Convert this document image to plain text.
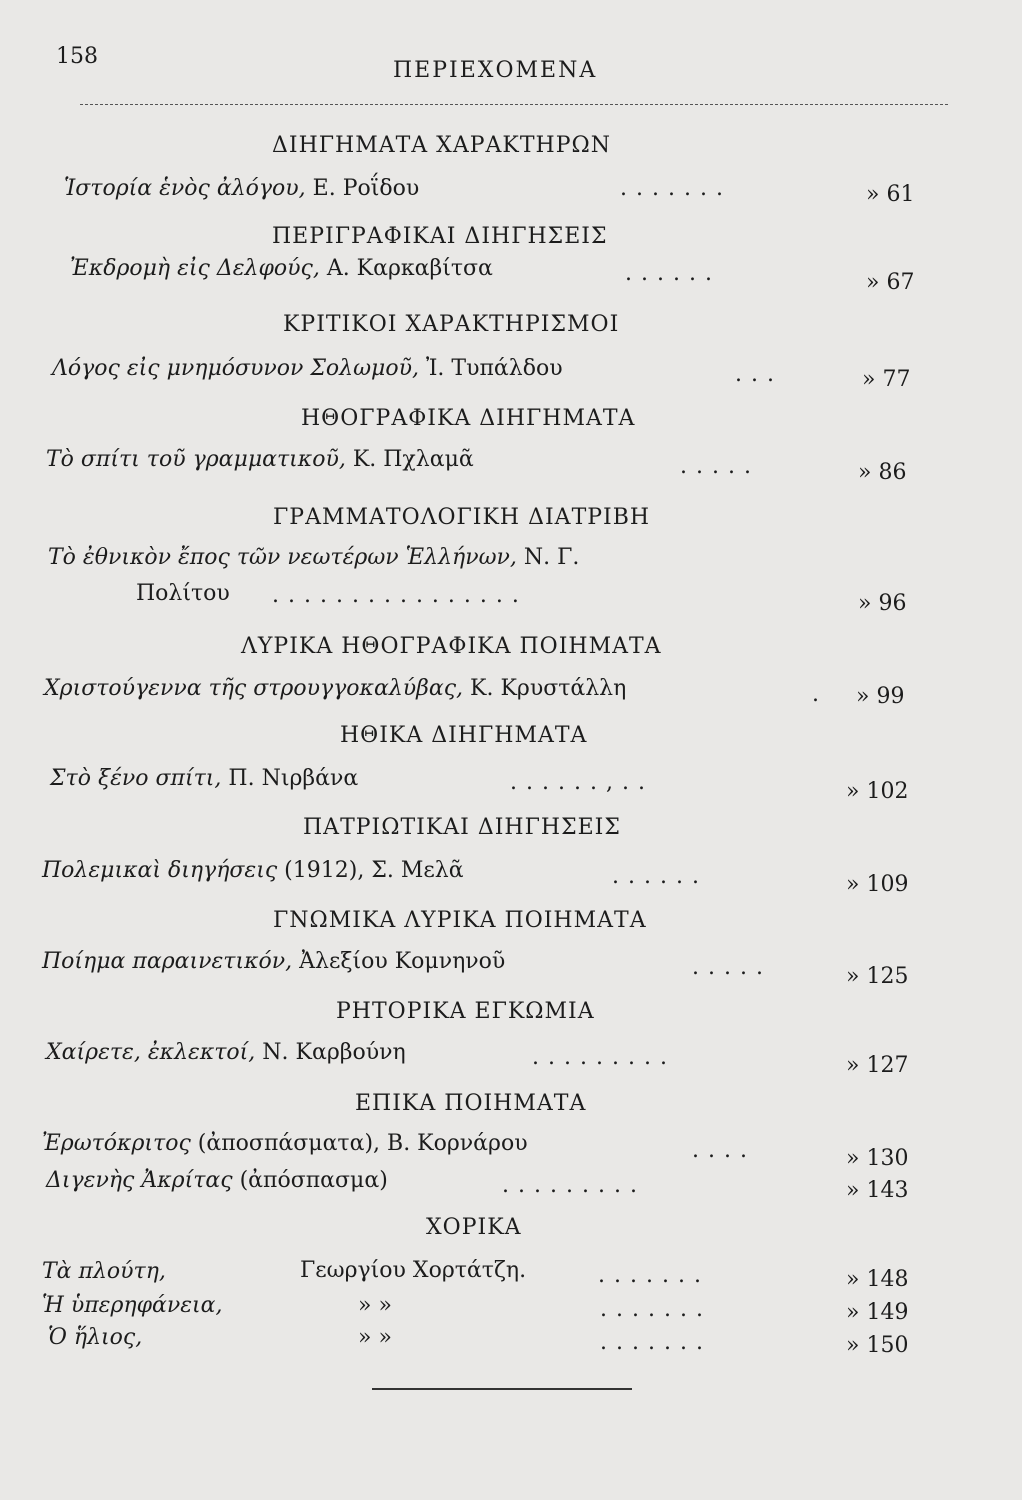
158
ΠΕΡΙΕΧΟΜΕΝΑ
ΔΙΗΓΗΜΑΤΑ ΧΑΡΑΚΤΗΡΩΝ
Ἱστορία ἑνὸς ἀλόγου, Ε. Ροΐδου	.......	» 61
ΠΕΡΙΓΡΑΦΙΚΑΙ ΔΙΗΓΗΣΕΙΣ
Ἐκδρομὴ εἰς Δελφούς, Α. Καρκαβίτσα	......	» 67
ΚΡΙΤΙΚΟΙ ΧΑΡΑΚΤΗΡΙΣΜΟΙ
Λόγος εἰς μνημόσυνον Σολωμοῦ, Ἰ. Τυπάλδου	...	» 77
ΗΘΟΓΡΑΦΙΚΑ ΔΙΗΓΗΜΑΤΑ
Τὸ σπίτι τοῦ γραμματικοῦ, Κ. Πχλαμᾶ	.....	» 86
ΓΡΑΜΜΑΤΟΛΟΓΙΚΗ ΔΙΑΤΡΙΒΗ
Τὸ ἐθνικὸν ἔπος τῶν νεωτέρων Ἑλλήνων, Ν. Γ.
Πολίτου ................	» 96
ΛΥΡΙΚΑ ΗΘΟΓΡΑΦΙΚΑ ΠΟΙΗΜΑΤΑ
Χριστούγεννα τῆς στρουγγοκαλύβας, Κ. Κρυστάλλη	. » 99
ΗΘΙΚΑ ΔΙΗΓΗΜΑΤΑ
Στὸ ξένο σπίτι, Π. Νιρβάνα	......,..	» 102
ΠΑΤΡΙΩΤΙΚΑΙ ΔΙΗΓΗΣΕΙΣ
Πολεμικαὶ διηγήσεις (1912), Σ. Μελᾶ	......	» 109
ΓΝΩΜΙΚΑ ΛΥΡΙΚΑ ΠΟΙΗΜΑΤΑ
Ποίημα παραινετικόν, Ἀλεξίου Κομνηνοῦ	.....	» 125
ΡΗΤΟΡΙΚΑ ΕΓΚΩΜΙΑ
Χαίρετε, ἐκλεκτοί, Ν. Καρβούνη	.........	» 127
ΕΠΙΚΑ ΠΟΙΗΜΑΤΑ
Ἐρωτόκριτος (ἀποσπάσματα), Β. Κορνάρου	....	» 130
Διγενὴς Ἀκρίτας (ἀπόσπασμα)	.........	» 143
ΧΟΡΙΚΑ
Τὰ πλούτη,	Γεωργίου Χορτάτζη.	.......	» 148
Ἡ ὑπερηφάνεια,	» »	.......	» 149
Ὁ ἥλιος,	» »	.......	» 150
